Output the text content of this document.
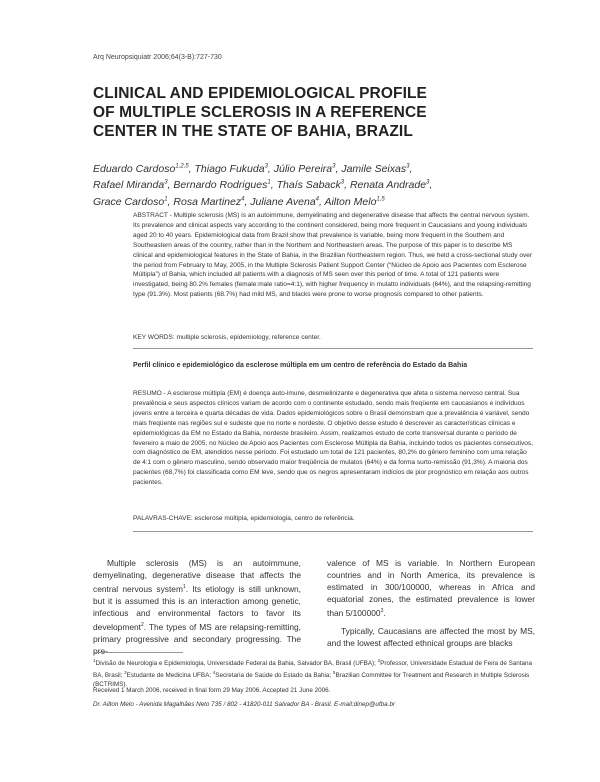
Arq Neuropsiquiatr 2006;64(3-B):727-730
CLINICAL AND EPIDEMIOLOGICAL PROFILE
OF MULTIPLE SCLEROSIS IN A REFERENCE
CENTER IN THE STATE OF BAHIA, BRAZIL
Eduardo Cardoso$^{1,2,5}$, Thiago Fukuda$^3$, Júlio Pereira$^3$, Jamile Seixas$^3$,
Rafael Miranda$^3$, Bernardo Rodrigues$^1$, Thaís Saback$^3$, Renata Andrade$^3$,
Grace Cardoso$^1$, Rosa Martinez$^4$, Juliane Avena$^4$, Ailton Melo$^{1,5}$
ABSTRACT - Multiple sclerosis (MS) is an autoimmune, demyelinating and degenerative disease that affects the central nervous system. Its prevalence and clinical aspects vary according to the continent considered, being more frequent in Caucasians and young individuals aged 20 to 40 years. Epidemiological data from Brazil show that prevalence is variable, being more frequent in the Southern and Southeastern areas of the country, rather than in the Northern and Northeastern areas. The purpose of this paper is to describe MS clinical and epidemiological features in the State of Bahia, in the Brazilian Northeastern region. Thus, we held a cross-sectional study over the period from February to May, 2005, in the Multiple Sclerosis Patient Support Center (“Núcleo de Apoio aos Pacientes com Esclerose Múltipla”) of Bahia, which included all patients with a diagnosis of MS seen over this period of time. A total of 121 patients were investigated, being 80.2% females (female:male ratio=4:1), with higher frequency in mulatto individuals (64%), and the relapsing-remitting type (91.3%). Most patients (68.7%) had mild MS, and blacks were prone to worse prognosis compared to other patients.
KEY WORDS: multiple sclerosis, epidemiology, reference center.
Perfil clínico e epidemiológico da esclerose múltipla em um centro de referência do Estado da Bahia
RESUMO - A esclerose múltipla (EM) é doença auto-imune, desmielinizante e degenerativa que afeta o sistema nervoso central. Sua prevalência e seus aspectos clínicos variam de acordo com o continente estudado, sendo mais freqüente em caucasianos e indivíduos jovens entre a terceira e quarta décadas de vida. Dados epidemiológicos sobre o Brasil demonstram que a prevalência é variável, sendo mais freqüente nas regiões sul e sudeste que no norte e nordeste. O objetivo desse estudo é descrever as características clínicas e epidemiológicas da EM no Estado da Bahia, nordeste brasileiro. Assim, realizamos estudo de corte transversal durante o período de fevereiro a maio de 2005, no Núcleo de Apoio aos Pacientes com Esclerose Múltipla da Bahia, incluindo todos os pacientes consecutivos, com diagnóstico de EM, atendidos nesse período. Foi estudado um total de 121 pacientes, 80,2% do gênero feminino com uma relação de 4:1 com o gênero masculino, sendo observado maior freqüência de mulatos (64%) e da forma surto-remissão (91,3%). A maioria dos pacientes (68,7%) foi classificada como EM leve, sendo que os negros apresentaram indícios de pior prognóstico em relação aos outros pacientes.
PALAVRAS-CHAVE: esclerose múltipla, epidemiologia, centro de referência.
Multiple sclerosis (MS) is an autoimmune, demyelinating, degenerative disease that affects the central nervous system$^1$. Its etiology is still unknown, but it is assumed this is an interaction among genetic, infectious and environmental factors to favor its development$^2$. The types of MS are relapsing-remitting, primary progressive and secondary progressing. The pre-

valence of MS is variable. In Northern European countries and in North America, its prevalence is estimated in 300/100000, whereas in Africa and equatorial zones, the estimated prevalence is lower than 5/100000$^3$.

Typically, Caucasians are affected the most by MS, and the lowest affected ethnical groups are blacks

$^1$Divisão de Neurologia e Epidemiologia, Universidade Federal da Bahia, Salvador BA, Brasil (UFBA); $^2$Professor, Universidade Estadual de Feira de Santana BA, Brasil; $^3$Estudante de Medicina UFBA; $^4$Secretaria de Saúde do Estado da Bahia; $^5$Brazilian Committee for Treatment and Research in Multiple Sclerosis (BCTRIMS).
Received 1 March 2006, received in final form 29 May 2006. Accepted 21 June 2006.
Dr. Ailton Melo - Avenida Magalhães Neto 735 / 802 - 41820-011 Salvador BA - Brasil. E-mail:dinep@ufba.br
